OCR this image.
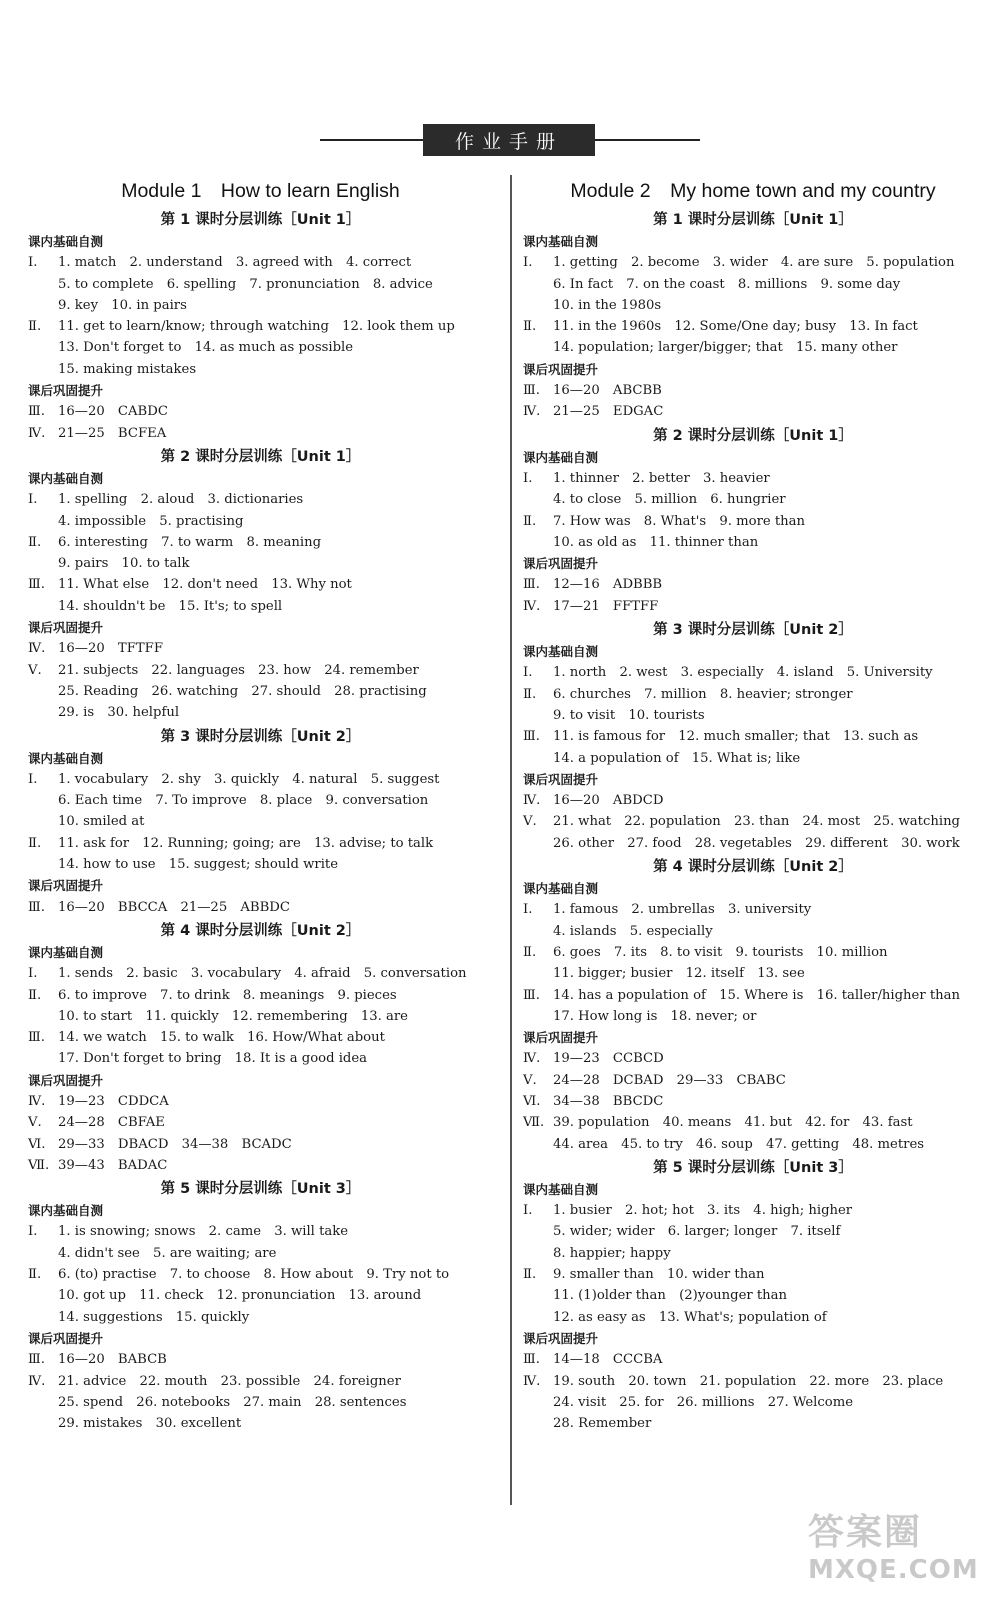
作业手册
Module 1　How to learn English
第 1 课时分层训练［Unit 1］
课内基础自测
Ⅰ. 1. match　2. understand　3. agreed with　4. correct
5. to complete　6. spelling　7. pronunciation　8. advice
9. key　10. in pairs
Ⅱ. 11. get to learn/know; through watching　12. look them up
13. Don't forget to　14. as much as possible
15. making mistakes
课后巩固提升
Ⅲ. 16—20　CABDC
Ⅳ. 21—25　BCFEA
第 2 课时分层训练［Unit 1］
课内基础自测
Ⅰ. 1. spelling　2. aloud　3. dictionaries
4. impossible　5. practising
Ⅱ. 6. interesting　7. to warm　8. meaning
9. pairs　10. to talk
Ⅲ. 11. What else　12. don't need　13. Why not
14. shouldn't be　15. It's; to spell
课后巩固提升
Ⅳ. 16—20　TFTFF
Ⅴ. 21. subjects　22. languages　23. how　24. remember
25. Reading　26. watching　27. should　28. practising
29. is　30. helpful
第 3 课时分层训练［Unit 2］
课内基础自测
Ⅰ. 1. vocabulary　2. shy　3. quickly　4. natural　5. suggest
6. Each time　7. To improve　8. place　9. conversation
10. smiled at
Ⅱ. 11. ask for　12. Running; going; are　13. advise; to talk
14. how to use　15. suggest; should write
课后巩固提升
Ⅲ. 16—20　BBCCA　21—25　ABBDC
第 4 课时分层训练［Unit 2］
课内基础自测
Ⅰ. 1. sends　2. basic　3. vocabulary　4. afraid　5. conversation
Ⅱ. 6. to improve　7. to drink　8. meanings　9. pieces
10. to start　11. quickly　12. remembering　13. are
Ⅲ. 14. we watch　15. to walk　16. How/What about
17. Don't forget to bring　18. It is a good idea
课后巩固提升
Ⅳ. 19—23　CDDCA
Ⅴ. 24—28　CBFAE
Ⅵ. 29—33　DBACD　34—38　BCADC
Ⅶ. 39—43　BADAC
第 5 课时分层训练［Unit 3］
课内基础自测
Ⅰ. 1. is snowing; snows　2. came　3. will take
4. didn't see　5. are waiting; are
Ⅱ. 6. (to) practise　7. to choose　8. How about　9. Try not to
10. got up　11. check　12. pronunciation　13. around
14. suggestions　15. quickly
课后巩固提升
Ⅲ. 16—20　BABCB
Ⅳ. 21. advice　22. mouth　23. possible　24. foreigner
25. spend　26. notebooks　27. main　28. sentences
29. mistakes　30. excellent
Module 2　My home town and my country
第 1 课时分层训练［Unit 1］
课内基础自测
Ⅰ. 1. getting　2. become　3. wider　4. are sure　5. population
6. In fact　7. on the coast　8. millions　9. some day
10. in the 1980s
Ⅱ. 11. in the 1960s　12. Some/One day; busy　13. In fact
14. population; larger/bigger; that　15. many other
课后巩固提升
Ⅲ. 16—20　ABCBB
Ⅳ. 21—25　EDGAC
第 2 课时分层训练［Unit 1］
课内基础自测
Ⅰ. 1. thinner　2. better　3. heavier
4. to close　5. million　6. hungrier
Ⅱ. 7. How was　8. What's　9. more than
10. as old as　11. thinner than
课后巩固提升
Ⅲ. 12—16　ADBBB
Ⅳ. 17—21　FFTFF
第 3 课时分层训练［Unit 2］
课内基础自测
Ⅰ. 1. north　2. west　3. especially　4. island　5. University
Ⅱ. 6. churches　7. million　8. heavier; stronger
9. to visit　10. tourists
Ⅲ. 11. is famous for　12. much smaller; that　13. such as
14. a population of　15. What is; like
课后巩固提升
Ⅳ. 16—20　ABDCD
Ⅴ. 21. what　22. population　23. than　24. most　25. watching
26. other　27. food　28. vegetables　29. different　30. work
第 4 课时分层训练［Unit 2］
课内基础自测
Ⅰ. 1. famous　2. umbrellas　3. university
4. islands　5. especially
Ⅱ. 6. goes　7. its　8. to visit　9. tourists　10. million
11. bigger; busier　12. itself　13. see
Ⅲ. 14. has a population of　15. Where is　16. taller/higher than
17. How long is　18. never; or
课后巩固提升
Ⅳ. 19—23　CCBCD
Ⅴ. 24—28　DCBAD　29—33　CBABC
Ⅵ. 34—38　BBCDC
Ⅶ. 39. population　40. means　41. but　42. for　43. fast
44. area　45. to try　46. soup　47. getting　48. metres
第 5 课时分层训练［Unit 3］
课内基础自测
Ⅰ. 1. busier　2. hot; hot　3. its　4. high; higher
5. wider; wider　6. larger; longer　7. itself
8. happier; happy
Ⅱ. 9. smaller than　10. wider than
11. (1)older than　(2)younger than
12. as easy as　13. What's; population of
课后巩固提升
Ⅲ. 14—18　CCCBA
Ⅳ. 19. south　20. town　21. population　22. more　23. place
24. visit　25. for　26. millions　27. Welcome
28. Remember
答案圈
MXQE.COM
